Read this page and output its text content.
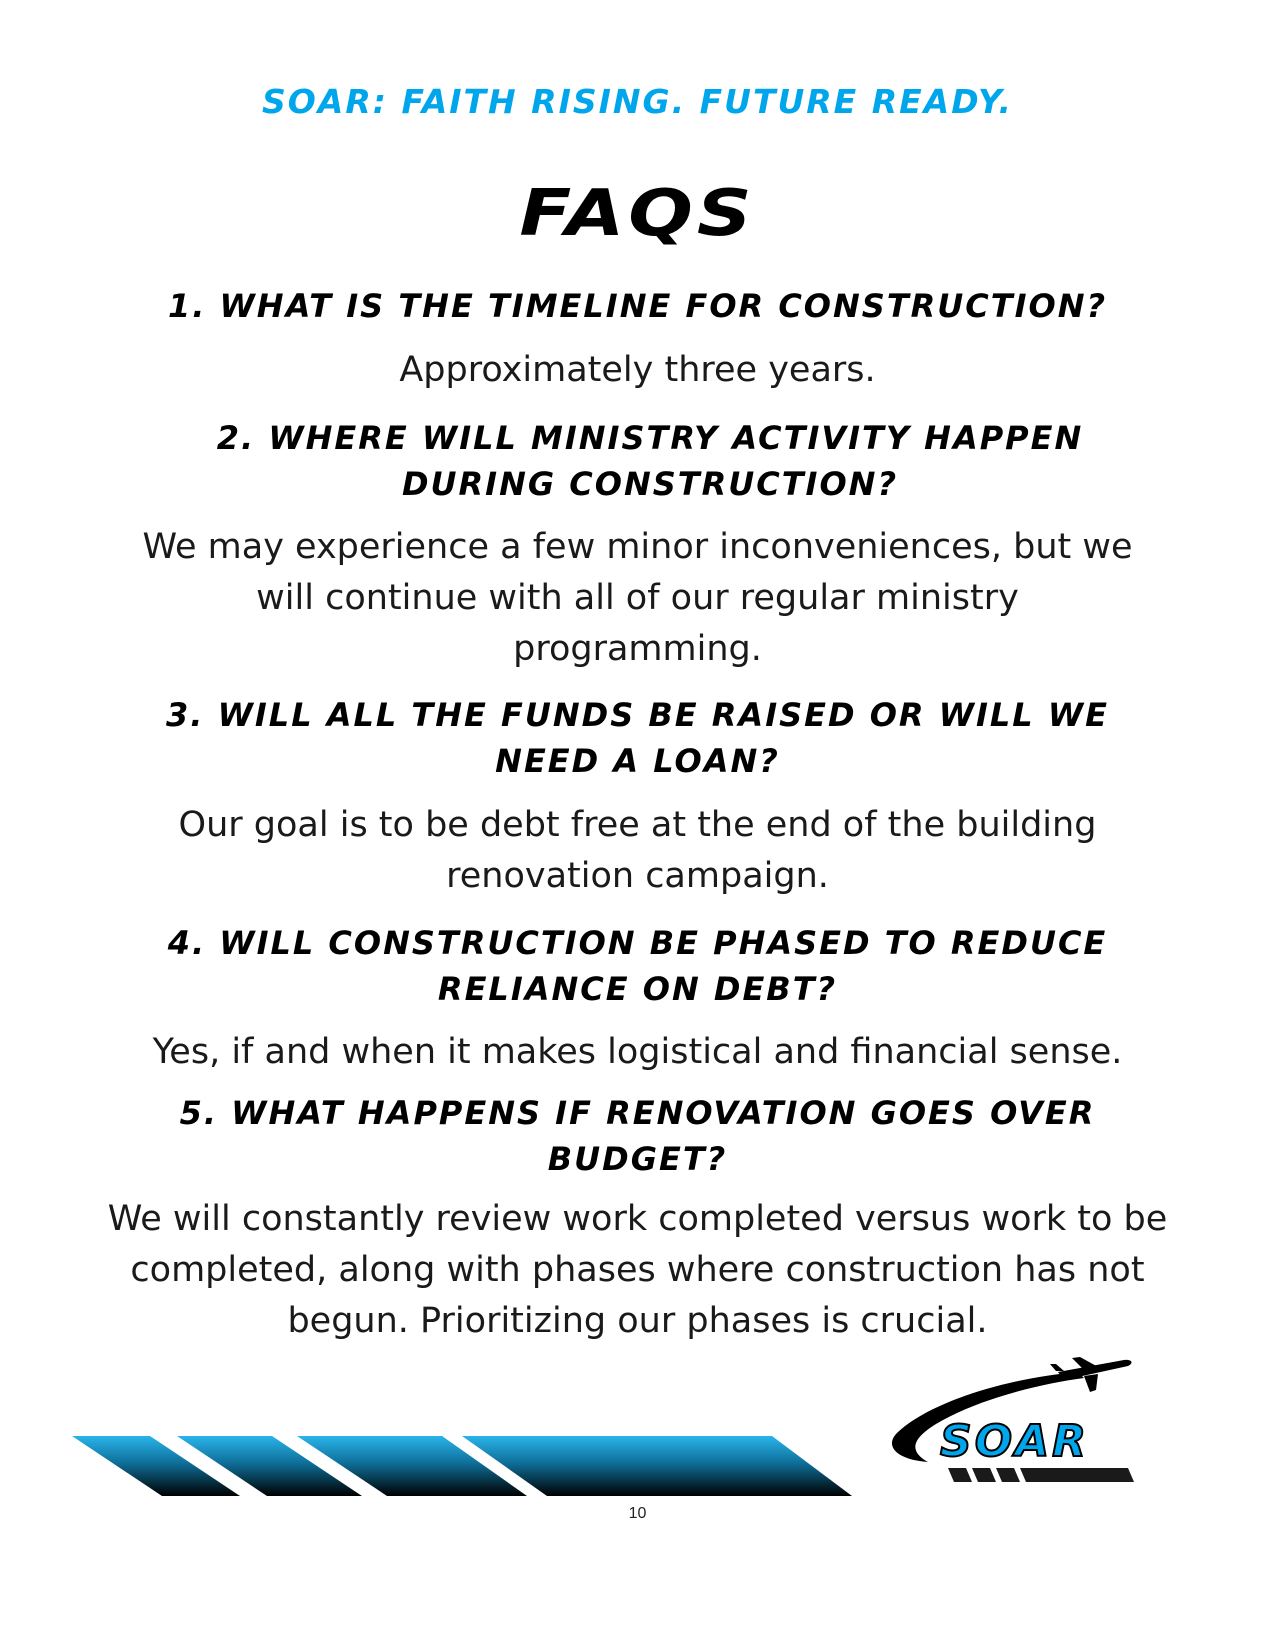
SOAR: FAITH RISING. FUTURE READY.
FAQS
1. WHAT IS THE TIMELINE FOR CONSTRUCTION?
Approximately three years.
2. WHERE WILL MINISTRY ACTIVITY HAPPEN
DURING CONSTRUCTION?
We may experience a few minor inconveniences, but we
will continue with all of our regular ministry
programming.
3. WILL ALL THE FUNDS BE RAISED OR WILL WE
NEED A LOAN?
Our goal is to be debt free at the end of the building
renovation campaign.
4. WILL CONSTRUCTION BE PHASED TO REDUCE
RELIANCE ON DEBT?
Yes, if and when it makes logistical and financial sense.
5. WHAT HAPPENS IF RENOVATION GOES OVER
BUDGET?
We will constantly review work completed versus work to be
completed, along with phases where construction has not
begun. Prioritizing our phases is crucial.
SOAR
10
